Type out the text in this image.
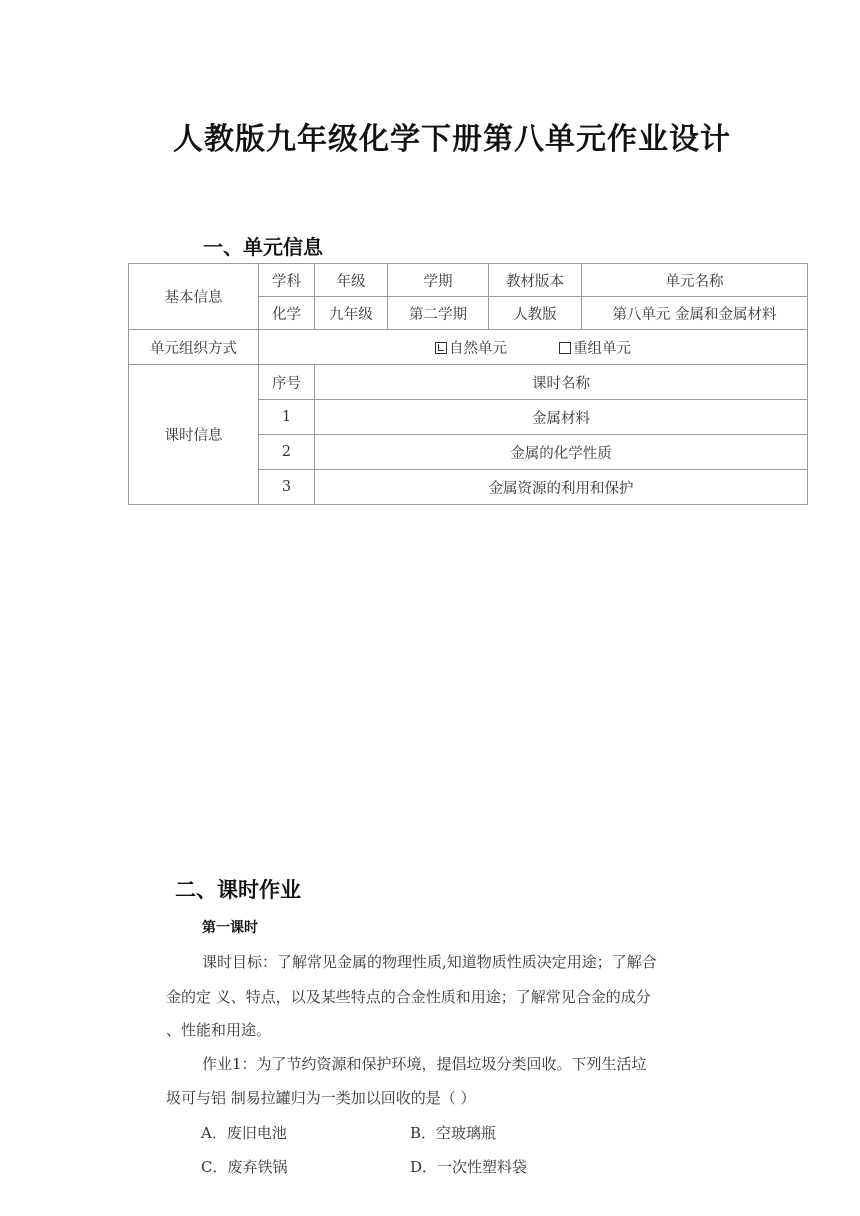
人教版九年级化学下册第八单元作业设计
一、单元信息
基本信息	学科	年级	学期	教材版本	单元名称
	化学	九年级	第二学期	人教版	第八单元 金属和金属材料
单元组织方式	自然单元 重组单元				
课时信息	序号	课时名称			
	1	金属材料			
	2	金属的化学性质			
	3	金属资源的利用和保护			
二、课时作业
第一课时
课时目标：了解常见金属的物理性质,知道物质性质决定用途；了解合
金的定 义、特点，以及某些特点的合金性质和用途；了解常见合金的成分
、性能和用途。
作业1：为了节约资源和保护环境，提倡垃圾分类回收。下列生活垃
圾可与铝 制易拉罐归为一类加以回收的是（ ）
A．废旧电池	B．空玻璃瓶
C．废弃铁锅	D．一次性塑料袋
